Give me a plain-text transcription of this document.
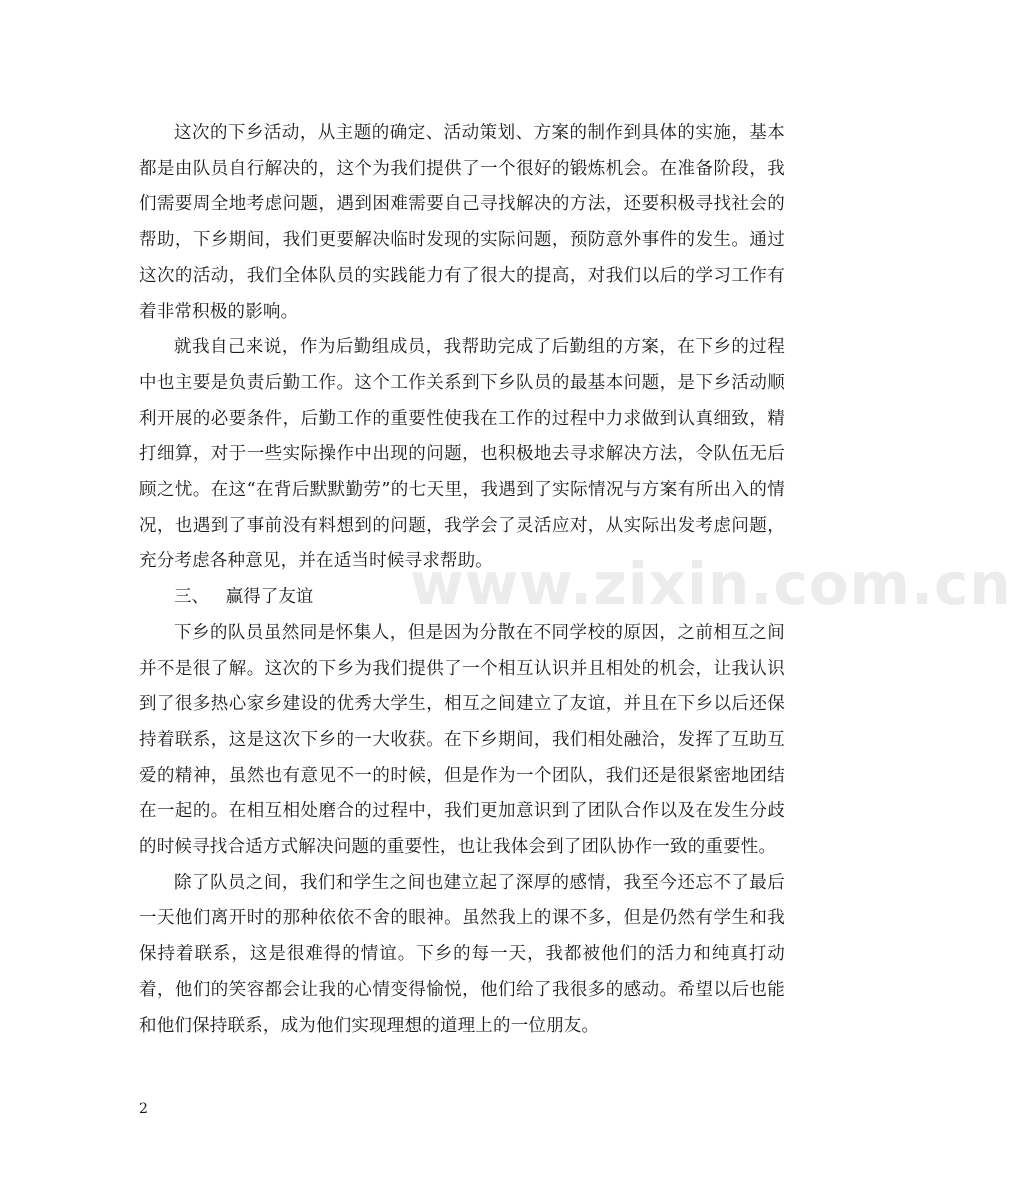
这次的下乡活动，从主题的确定、活动策划、方案的制作到具体的实施，基本都是由队员自行解决的，这个为我们提供了一个很好的锻炼机会。在准备阶段，我们需要周全地考虑问题，遇到困难需要自己寻找解决的方法，还要积极寻找社会的帮助，下乡期间，我们更要解决临时发现的实际问题，预防意外事件的发生。通过这次的活动，我们全体队员的实践能力有了很大的提高，对我们以后的学习工作有着非常积极的影响。

就我自己来说，作为后勤组成员，我帮助完成了后勤组的方案，在下乡的过程中也主要是负责后勤工作。这个工作关系到下乡队员的最基本问题，是下乡活动顺利开展的必要条件，后勤工作的重要性使我在工作的过程中力求做到认真细致，精打细算，对于一些实际操作中出现的问题，也积极地去寻求解决方法，令队伍无后顾之忧。在这“在背后默默勤劳”的七天里，我遇到了实际情况与方案有所出入的情况，也遇到了事前没有料想到的问题，我学会了灵活应对，从实际出发考虑问题，充分考虑各种意见，并在适当时候寻求帮助。

三、   赢得了友谊

下乡的队员虽然同是怀集人，但是因为分散在不同学校的原因，之前相互之间并不是很了解。这次的下乡为我们提供了一个相互认识并且相处的机会，让我认识到了很多热心家乡建设的优秀大学生，相互之间建立了友谊，并且在下乡以后还保持着联系，这是这次下乡的一大收获。在下乡期间，我们相处融洽，发挥了互助互爱的精神，虽然也有意见不一的时候，但是作为一个团队，我们还是很紧密地团结在一起的。在相互相处磨合的过程中，我们更加意识到了团队合作以及在发生分歧的时候寻找合适方式解决问题的重要性，也让我体会到了团队协作一致的重要性。

除了队员之间，我们和学生之间也建立起了深厚的感情，我至今还忘不了最后一天他们离开时的那种依依不舍的眼神。虽然我上的课不多，但是仍然有学生和我保持着联系，这是很难得的情谊。下乡的每一天，我都被他们的活力和纯真打动着，他们的笑容都会让我的心情变得愉悦，他们给了我很多的感动。希望以后也能和他们保持联系，成为他们实现理想的道理上的一位朋友。

www.zixin.com.cn
2
